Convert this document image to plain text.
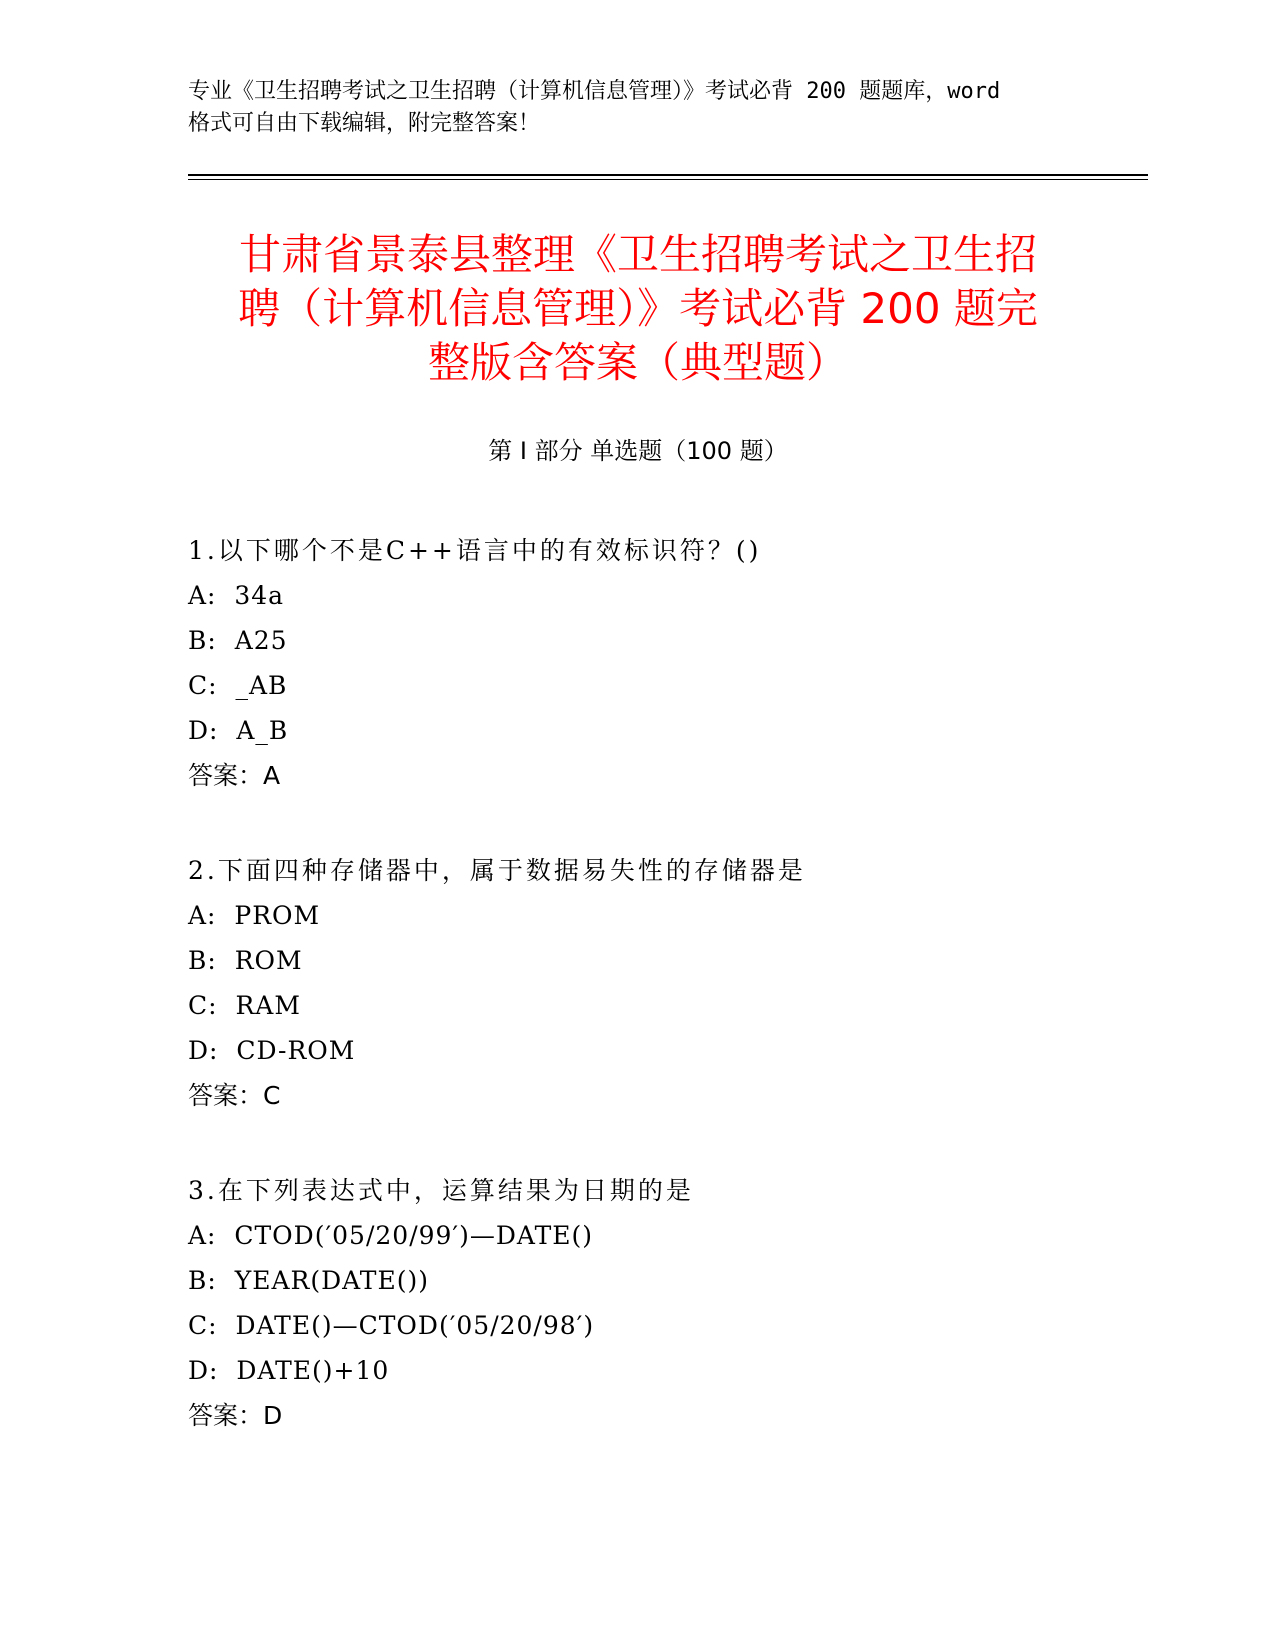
专业《卫生招聘考试之卫生招聘（计算机信息管理）》考试必背 200 题题库，word
格式可自由下载编辑，附完整答案！
甘肃省景泰县整理《卫生招聘考试之卫生招
聘（计算机信息管理）》考试必背 200 题完
整版含答案（典型题）
第 I 部分 单选题（100 题）
1.以下哪个不是C++语言中的有效标识符？()
A:  34a
B:  A25
C:  _AB
D:  A_B
答案：A
2.下面四种存储器中，属于数据易失性的存储器是
A:  PROM
B:  ROM
C:  RAM
D:  CD-ROM
答案：C
3.在下列表达式中，运算结果为日期的是
A:  CTOD(′05/20/99′)—DATE()
B:  YEAR(DATE())
C:  DATE()—CTOD(′05/20/98′)
D:  DATE()+10
答案：D
